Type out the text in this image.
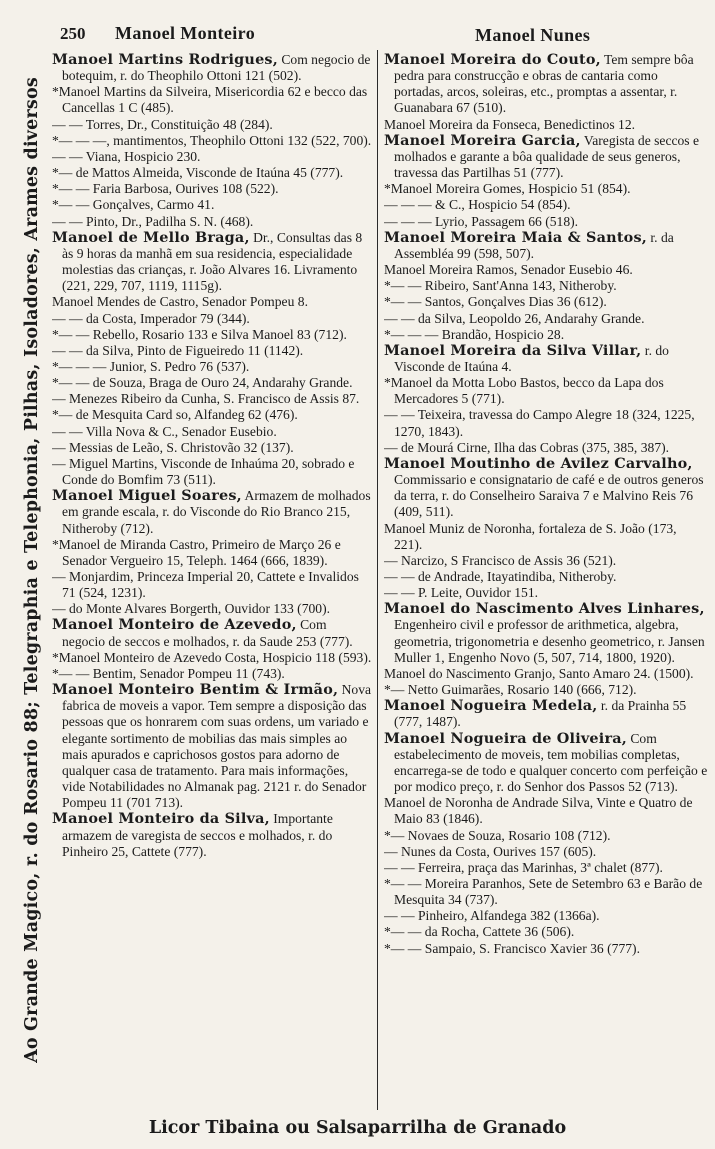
Ao Grande Magico, r. do Rosario 88; Telegraphia e Telephonia, Pilhas, Isoladores, Arames diversos
250 Manoel Monteiro	Manoel Nunes

Manoel Martins Rodrigues, Com negocio de botequim, r. do Theophilo Ottoni 121 (502).

*Manoel Martins da Silveira, Misericordia 62 e becco das Cancellas 1 C (485).

— — Torres, Dr., Constituição 48 (284).

*— — —, mantimentos, Theophilo Ottoni 132 (522, 700).

— — Viana, Hospicio 230.

*— de Mattos Almeida, Visconde de Itaúna 45 (777).

*— — Faria Barbosa, Ourives 108 (522).

*— — Gonçalves, Carmo 41.

— — Pinto, Dr., Padilha S. N. (468).

Manoel de Mello Braga, Dr., Consultas das 8 às 9 horas da manhã em sua residencia, especialidade molestias das crianças, r. João Alvares 16. Livramento (221, 229, 707, 1119, 1115g).

Manoel Mendes de Castro, Senador Pompeu 8.

— — da Costa, Imperador 79 (344).

*— — Rebello, Rosario 133 e Silva Manoel 83 (712).

— — da Silva, Pinto de Figueiredo 11 (1142).

*— — — Junior, S. Pedro 76 (537).

*— — de Souza, Braga de Ouro 24, Andarahy Grande.

— Menezes Ribeiro da Cunha, S. Francisco de Assis 87.

*— de Mesquita Card so, Alfandeg 62 (476).

— — Villa Nova & C., Senador Eusebio.

— Messias de Leão, S. Christovão 32 (137).

— Miguel Martins, Visconde de Inhaúma 20, sobrado e Conde do Bomfim 73 (511).

Manoel Miguel Soares, Armazem de molhados em grande escala, r. do Visconde do Rio Branco 215, Nitheroby (712).

*Manoel de Miranda Castro, Primeiro de Março 26 e Senador Vergueiro 15, Teleph. 1464 (666, 1839).

— Monjardim, Princeza Imperial 20, Cattete e Invalidos 71 (524, 1231).

— do Monte Alvares Borgerth, Ouvidor 133 (700).

Manoel Monteiro de Azevedo, Com negocio de seccos e molhados, r. da Saude 253 (777).

*Manoel Monteiro de Azevedo Costa, Hospicio 118 (593).

*— — Bentim, Senador Pompeu 11 (743).

Manoel Monteiro Bentim & Irmão, Nova fabrica de moveis a vapor. Tem sempre a disposição das pessoas que os honrarem com suas ordens, um variado e elegante sortimento de mobilias das mais simples ao mais apurados e caprichosos gostos para adorno de qualquer casa de tratamento. Para mais informações, vide Notabilidades no Almanak pag. 2121 r. do Senador Pompeu 11 (701 713).

Manoel Monteiro da Silva, Importante armazem de varegista de seccos e molhados, r. do Pinheiro 25, Cattete (777).

Manoel Moreira do Couto, Tem sempre bôa pedra para construcção e obras de cantaria como portadas, arcos, soleiras, etc., promptas a assentar, r. Guanabara 67 (510).

Manoel Moreira da Fonseca, Benedictinos 12.

Manoel Moreira Garcia, Varegista de seccos e molhados e garante a bôa qualidade de seus generos, travessa das Partilhas 51 (777).

*Manoel Moreira Gomes, Hospicio 51 (854).

— — — & C., Hospicio 54 (854).

— — — Lyrio, Passagem 66 (518).

Manoel Moreira Maia & Santos, r. da Assembléa 99 (598, 507).

Manoel Moreira Ramos, Senador Eusebio 46.

*— — Ribeiro, Sant'Anna 143, Nitheroby.

*— — Santos, Gonçalves Dias 36 (612).

— — da Silva, Leopoldo 26, Andarahy Grande.

*— — — Brandão, Hospicio 28.

Manoel Moreira da Silva Villar, r. do Visconde de Itaúna 4.

*Manoel da Motta Lobo Bastos, becco da Lapa dos Mercadores 5 (771).

— — Teixeira, travessa do Campo Alegre 18 (324, 1225, 1270, 1843).

— de Mourá Cirne, Ilha das Cobras (375, 385, 387).

Manoel Moutinho de Avilez Carvalho, Commissario e consignatario de café e de outros generos da terra, r. do Conselheiro Saraiva 7 e Malvino Reis 76 (409, 511).

Manoel Muniz de Noronha, fortaleza de S. João (173, 221).

— Narcizo, S Francisco de Assis 36 (521).

— — de Andrade, Itayatindiba, Nitheroby.

— — P. Leite, Ouvidor 151.

Manoel do Nascimento Alves Linhares, Engenheiro civil e professor de arithmetica, algebra, geometria, trigonometria e desenho geometrico, r. Jansen Muller 1, Engenho Novo (5, 507, 714, 1800, 1920).

Manoel do Nascimento Granjo, Santo Amaro 24. (1500).

*— Netto Guimarães, Rosario 140 (666, 712).

Manoel Nogueira Medela, r. da Prainha 55 (777, 1487).

Manoel Nogueira de Oliveira, Com estabelecimento de moveis, tem mobilias completas, encarrega-se de todo e qualquer concerto com perfeição e por modico preço, r. do Senhor dos Passos 52 (713).

Manoel de Noronha de Andrade Silva, Vinte e Quatro de Maio 83 (1846).

*— Novaes de Souza, Rosario 108 (712).

— Nunes da Costa, Ourives 157 (605).

— — Ferreira, praça das Marinhas, 3ª chalet (877).

*— — Moreira Paranhos, Sete de Setembro 63 e Barão de Mesquita 34 (737).

— — Pinheiro, Alfandega 382 (1366a).

*— — da Rocha, Cattete 36 (506).

*— — Sampaio, S. Francisco Xavier 36 (777).

Licor Tibaina ou Salsaparrilha de Granado
